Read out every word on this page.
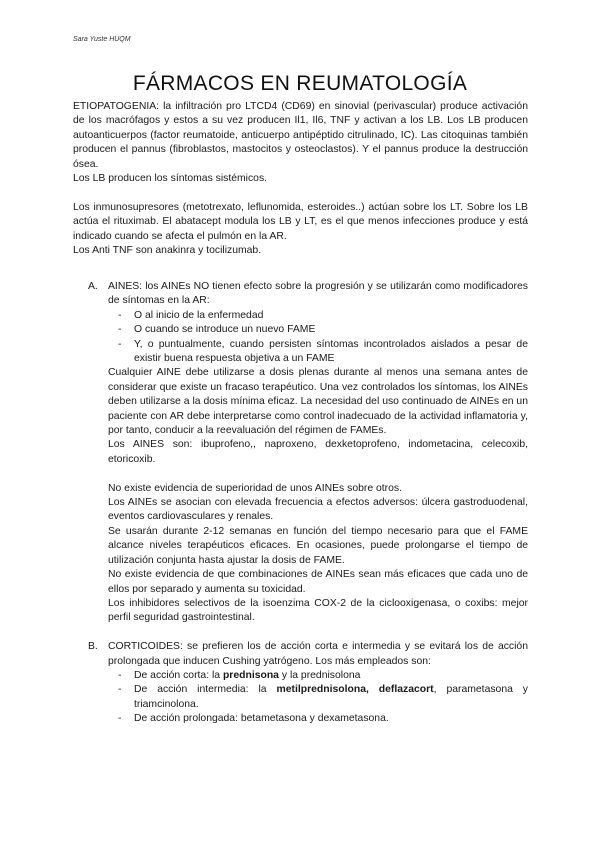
Sara Yuste HUQM
FÁRMACOS EN REUMATOLOGÍA

ETIOPATOGENIA: la infiltración pro LTCD4 (CD69) en sinovial (perivascular) produce activación de los macrófagos y estos a su vez producen Il1, Il6, TNF y activan a los LB. Los LB producen autoanticuerpos (factor reumatoide, anticuerpo antipéptido citrulinado, IC). Las citoquinas también producen el pannus (fibroblastos, mastocitos y osteoclastos). Y el pannus produce la destrucción ósea.

Los LB producen los síntomas sistémicos.

Los inmunosupresores (metotrexato, leflunomida, esteroides..) actúan sobre los LT. Sobre los LB actúa el rituximab. El abatacept modula los LB y LT, es el que menos infecciones produce y está indicado cuando se afecta el pulmón en la AR.

Los Anti TNF son anakinra y tocilizumab.

A. AINES: los AINEs NO tienen efecto sobre la progresión y se utilizarán como modificadores de síntomas en la AR:

- O al inicio de la enfermedad
- O cuando se introduce un nuevo FAME
- Y, o puntualmente, cuando persisten síntomas incontrolados aislados a pesar de existir buena respuesta objetiva a un FAME

Cualquier AINE debe utilizarse a dosis plenas durante al menos una semana antes de considerar que existe un fracaso terapéutico. Una vez controlados los síntomas, los AINEs deben utilizarse a la dosis mínima eficaz. La necesidad del uso continuado de AINEs en un paciente con AR debe interpretarse como control inadecuado de la actividad inflamatoria y, por tanto, conducir a la reevaluación del régimen de FAMEs.

Los AINES son: ibuprofeno,, naproxeno, dexketoprofeno, indometacina, celecoxib, etoricoxib.

No existe evidencia de superioridad de unos AINEs sobre otros.

Los AINEs se asocian con elevada frecuencia a efectos adversos: úlcera gastroduodenal, eventos cardiovasculares y renales.

Se usarán durante 2-12 semanas en función del tiempo necesario para que el FAME alcance niveles terapéuticos eficaces. En ocasiones, puede prolongarse el tiempo de utilización conjunta hasta ajustar la dosis de FAME.

No existe evidencia de que combinaciones de AINEs sean más eficaces que cada uno de ellos por separado y aumenta su toxicidad.

Los inhibidores selectivos de la isoenzima COX-2 de la ciclooxigenasa, o coxibs: mejor perfil seguridad gastrointestinal.

B. CORTICOIDES: se prefieren los de acción corta e intermedia y se evitará los de acción prolongada que inducen Cushing yatrógeno. Los más empleados son:

- De acción corta: la prednisona y la prednisolona
- De acción intermedia: la metilprednisolona, deflazacort, parametasona y triamcinolona.
- De acción prolongada: betametasona y dexametasona.
